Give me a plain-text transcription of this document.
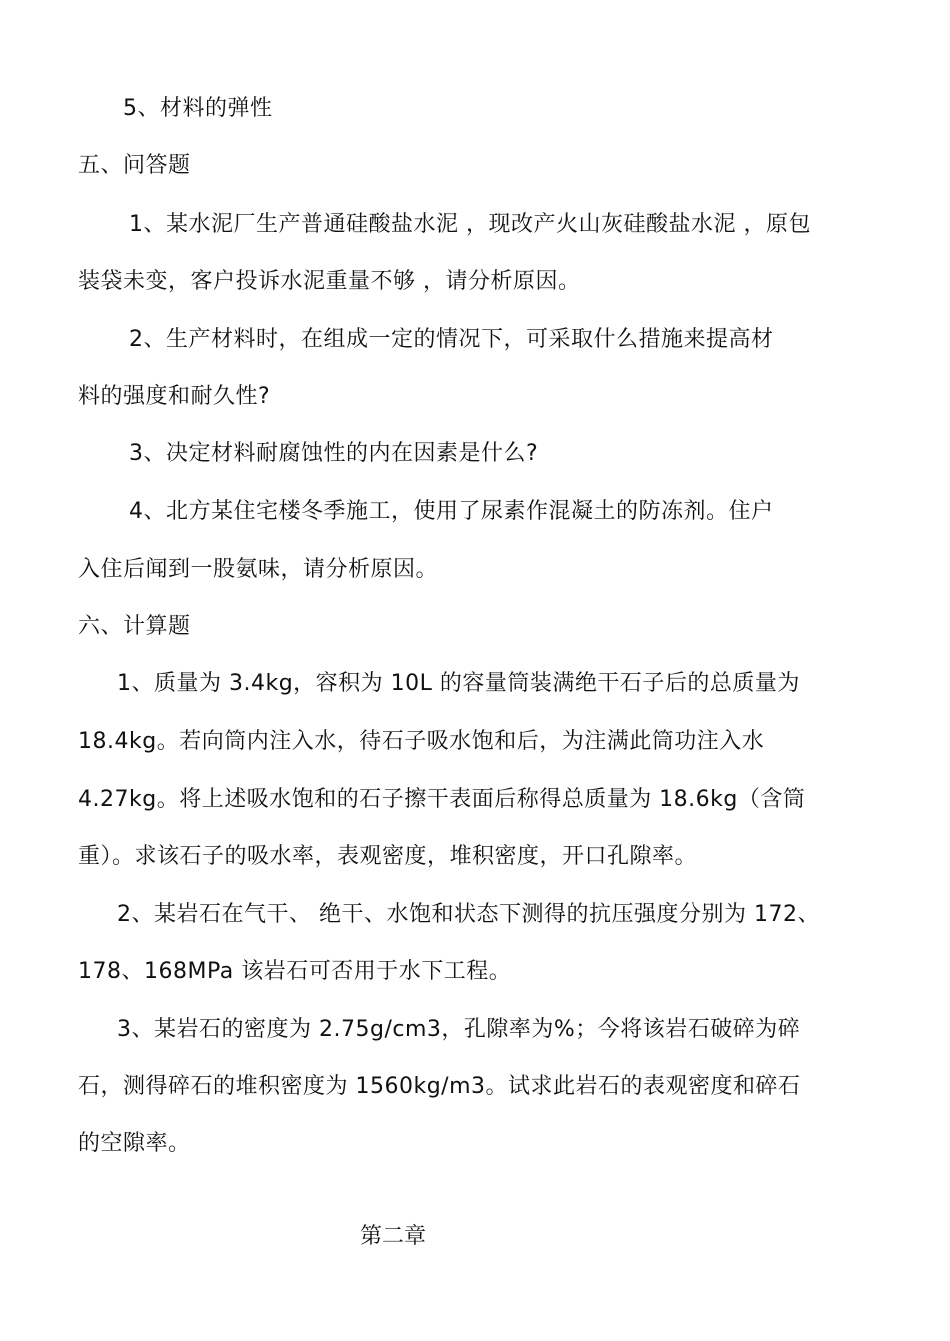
5、材料的弹性
五、问答题
1、某水泥厂生产普通硅酸盐水泥 ，现改产火山灰硅酸盐水泥 ，原包
装袋未变，客户投诉水泥重量不够 ，请分析原因。
2、生产材料时，在组成一定的情况下，可采取什么措施来提高材
料的强度和耐久性?
3、决定材料耐腐蚀性的内在因素是什么?
4、北方某住宅楼冬季施工，使用了尿素作混凝土的防冻剂。住户
入住后闻到一股氨味，请分析原因。
六、计算题
1、质量为 3.4kg，容积为 10L 的容量筒装满绝干石子后的总质量为
18.4kg。若向筒内注入水，待石子吸水饱和后，为注满此筒功注入水
4.27kg。将上述吸水饱和的石子擦干表面后称得总质量为 18.6kg（含筒
重）。求该石子的吸水率，表观密度，堆积密度，开口孔隙率。
2、某岩石在气干、 绝干、水饱和状态下测得的抗压强度分别为 172、
178、168MPa 该岩石可否用于水下工程。
3、某岩石的密度为 2.75g/cm3，孔隙率为%；今将该岩石破碎为碎
石，测得碎石的堆积密度为 1560kg/m3。试求此岩石的表观密度和碎石
的空隙率。
第二章
